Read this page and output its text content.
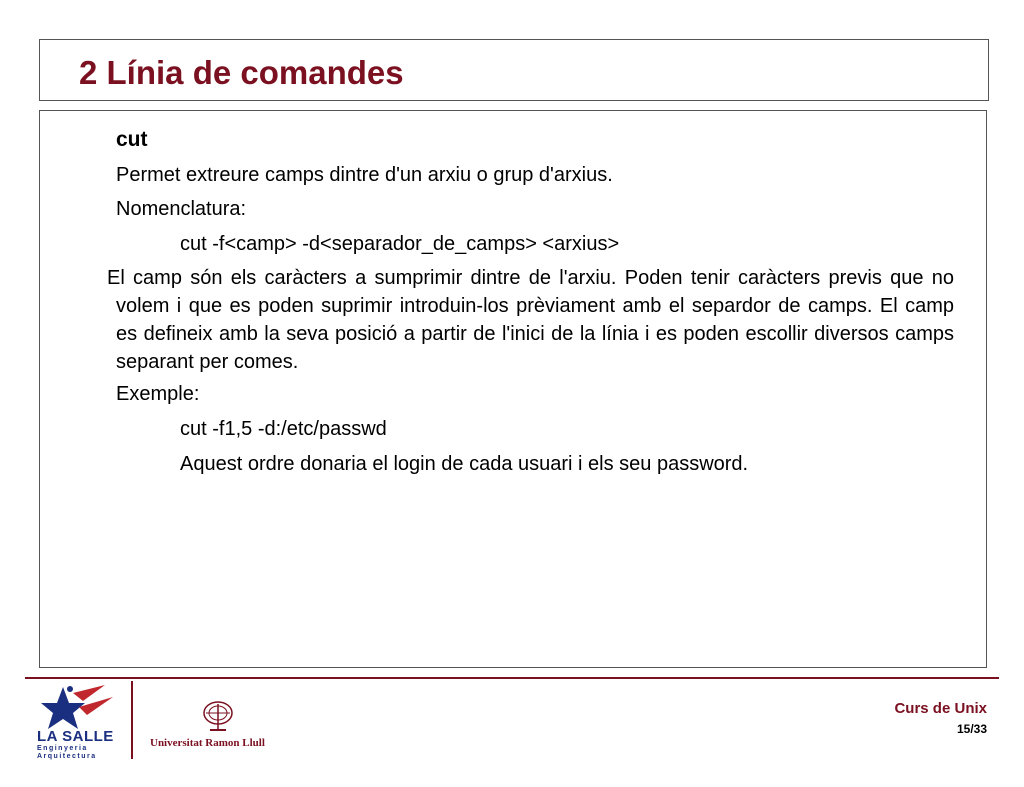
2 Línia de comandes
cut
Permet extreure camps dintre d'un arxiu o grup d'arxius.
Nomenclatura:
cut -f<camp> -d<separador_de_camps> <arxius>
El camp són els caràcters a sumprimir dintre de l'arxiu. Poden tenir caràcters previs que no volem i que es poden suprimir introduin-los prèviament amb el separdor de camps. El camp es defineix amb la seva posició a partir de l'inici de la línia i es poden escollir diversos camps separant per comes.
Exemple:
cut -f1,5 -d:/etc/passwd
Aquest ordre donaria el login de cada usuari i els seu password.
LA SALLE
Enginyeria
Arquitectura
Universitat Ramon Llull
Curs de Unix
15/33
